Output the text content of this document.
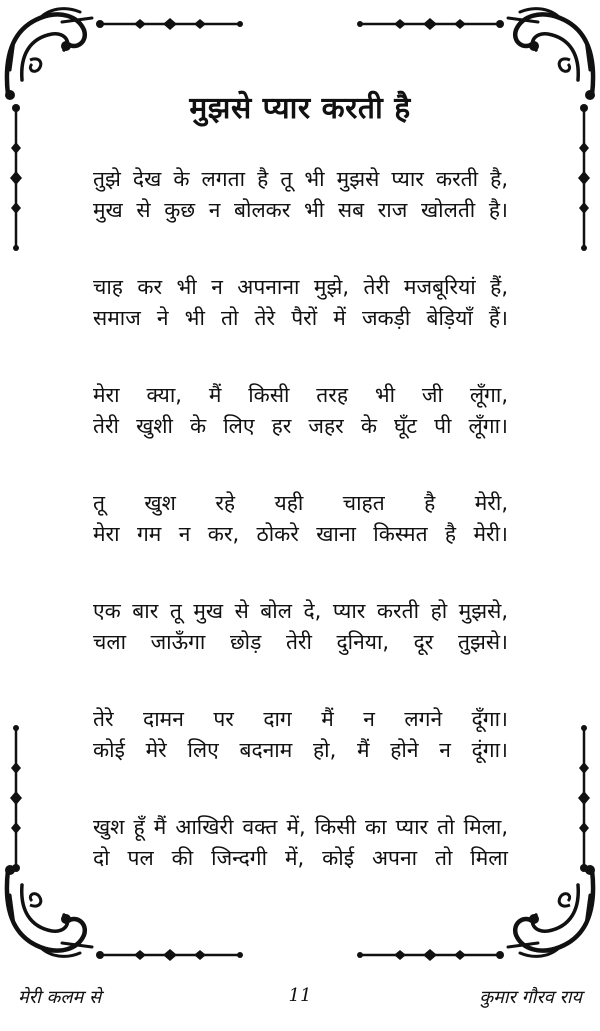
मुझसे प्यार करती है
तुझे देख के लगता है तू भी मुझसे प्यार करती है,
मुख से कुछ न बोलकर भी सब राज खोलती है।
चाह कर भी न अपनाना मुझे, तेरी मजबूरियां हैं,
समाज ने भी तो तेरे पैरों में जकड़ी बेड़ियाँ हैं।
मेरा क्या, मैं किसी तरह भी जी लूँगा,
तेरी खुशी के लिए हर जहर के घूँट पी लूँगा।
तू खुश रहे यही चाहत है मेरी,
मेरा गम न कर, ठोकरे खाना किस्मत है मेरी।
एक बार तू मुख से बोल दे, प्यार करती हो मुझसे,
चला जाऊँगा छोड़ तेरी दुनिया, दूर तुझसे।
तेरे दामन पर दाग मैं न लगने दूँगा।
कोई मेरे लिए बदनाम हो, मैं होने न दूंगा।
खुश हूँ मैं आखिरी वक्त में, किसी का प्यार तो मिला,
दो पल की जिन्दगी में, कोई अपना तो मिला
मेरी कलम से	11	कुमार गौरव राय
